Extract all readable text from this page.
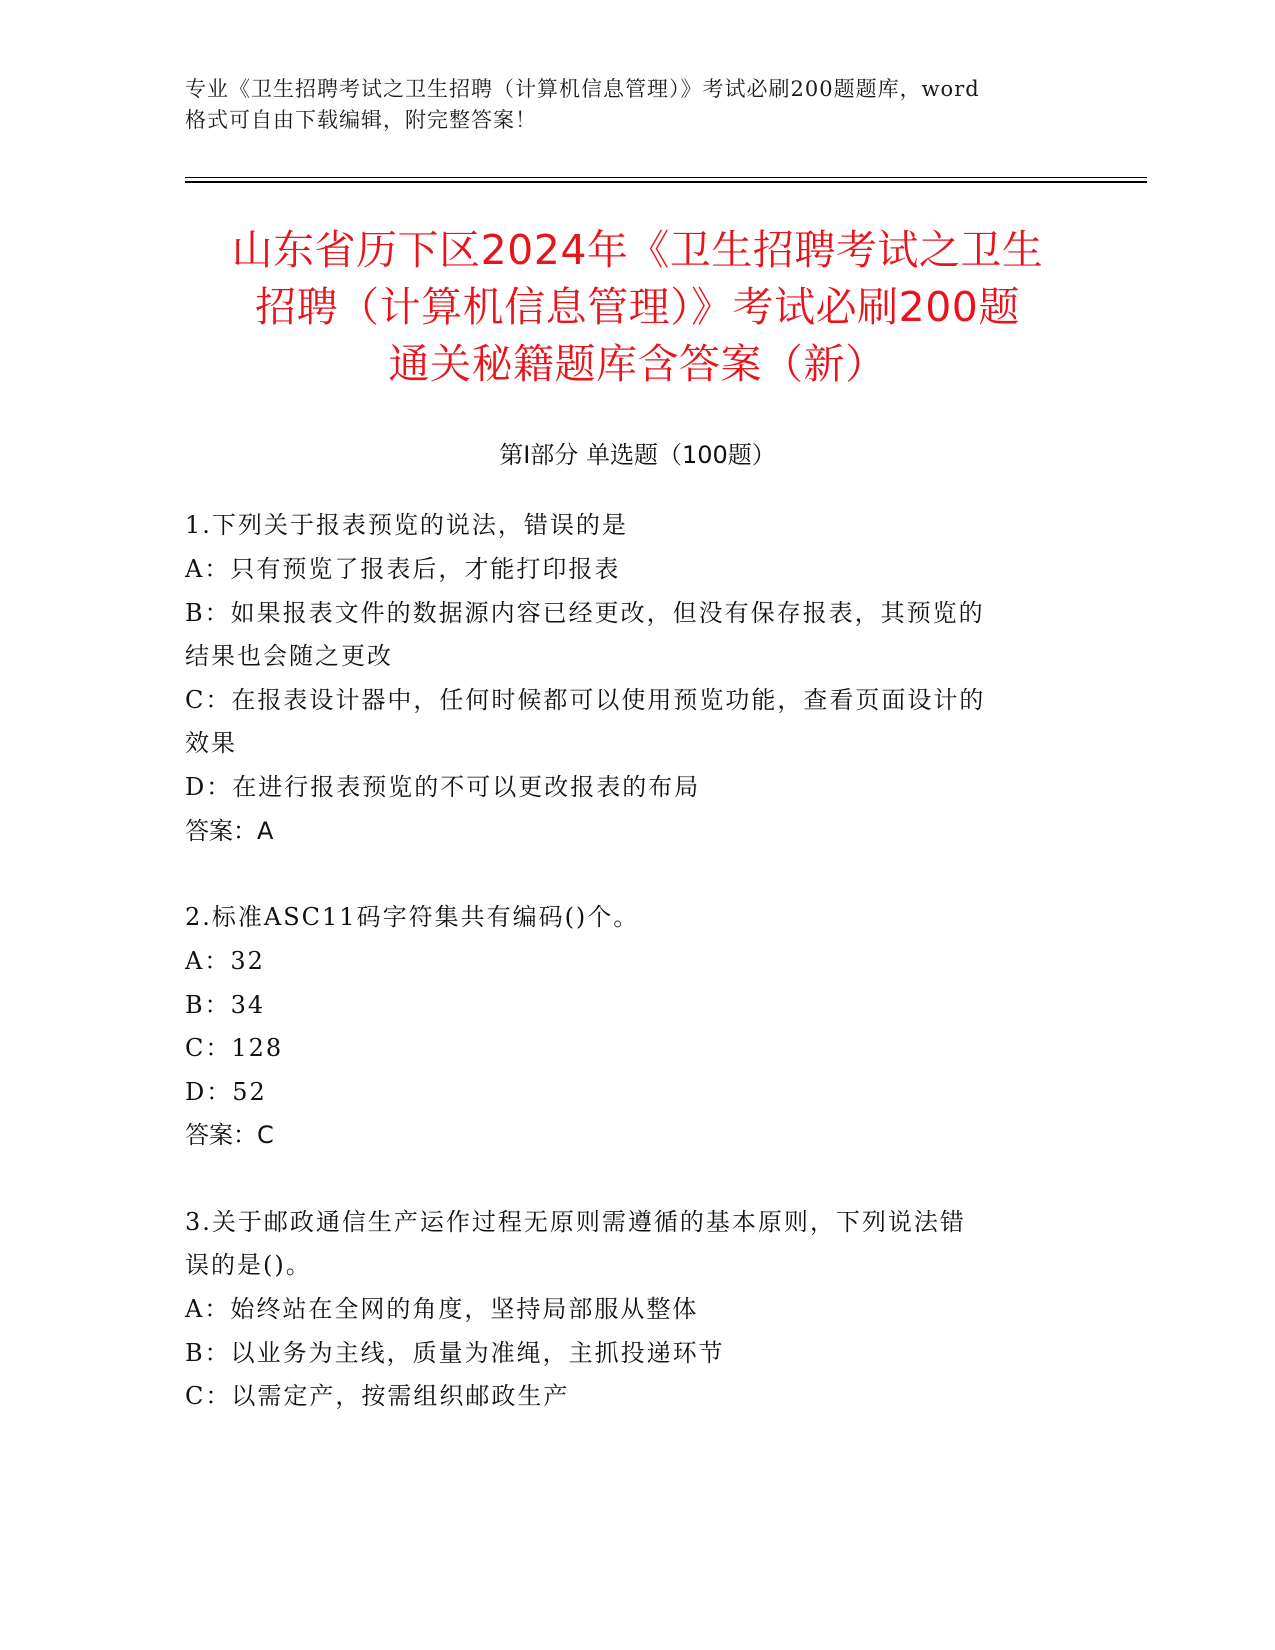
专业《卫生招聘考试之卫生招聘（计算机信息管理）》考试必刷200题题库，word
格式可自由下载编辑，附完整答案！
山东省历下区2024年《卫生招聘考试之卫生
招聘（计算机信息管理）》考试必刷200题
通关秘籍题库含答案（新）
第Ⅰ部分 单选题（100题）
1.下列关于报表预览的说法，错误的是
A：只有预览了报表后，才能打印报表
B：如果报表文件的数据源内容已经更改，但没有保存报表，其预览的
结果也会随之更改
C：在报表设计器中，任何时候都可以使用预览功能，查看页面设计的
效果
D：在进行报表预览的不可以更改报表的布局
答案：A
2.标准ASC11码字符集共有编码()个。
A：32
B：34
C：128
D：52
答案：C
3.关于邮政通信生产运作过程无原则需遵循的基本原则，下列说法错
误的是()。
A：始终站在全网的角度，坚持局部服从整体
B：以业务为主线，质量为准绳，主抓投递环节
C：以需定产，按需组织邮政生产
